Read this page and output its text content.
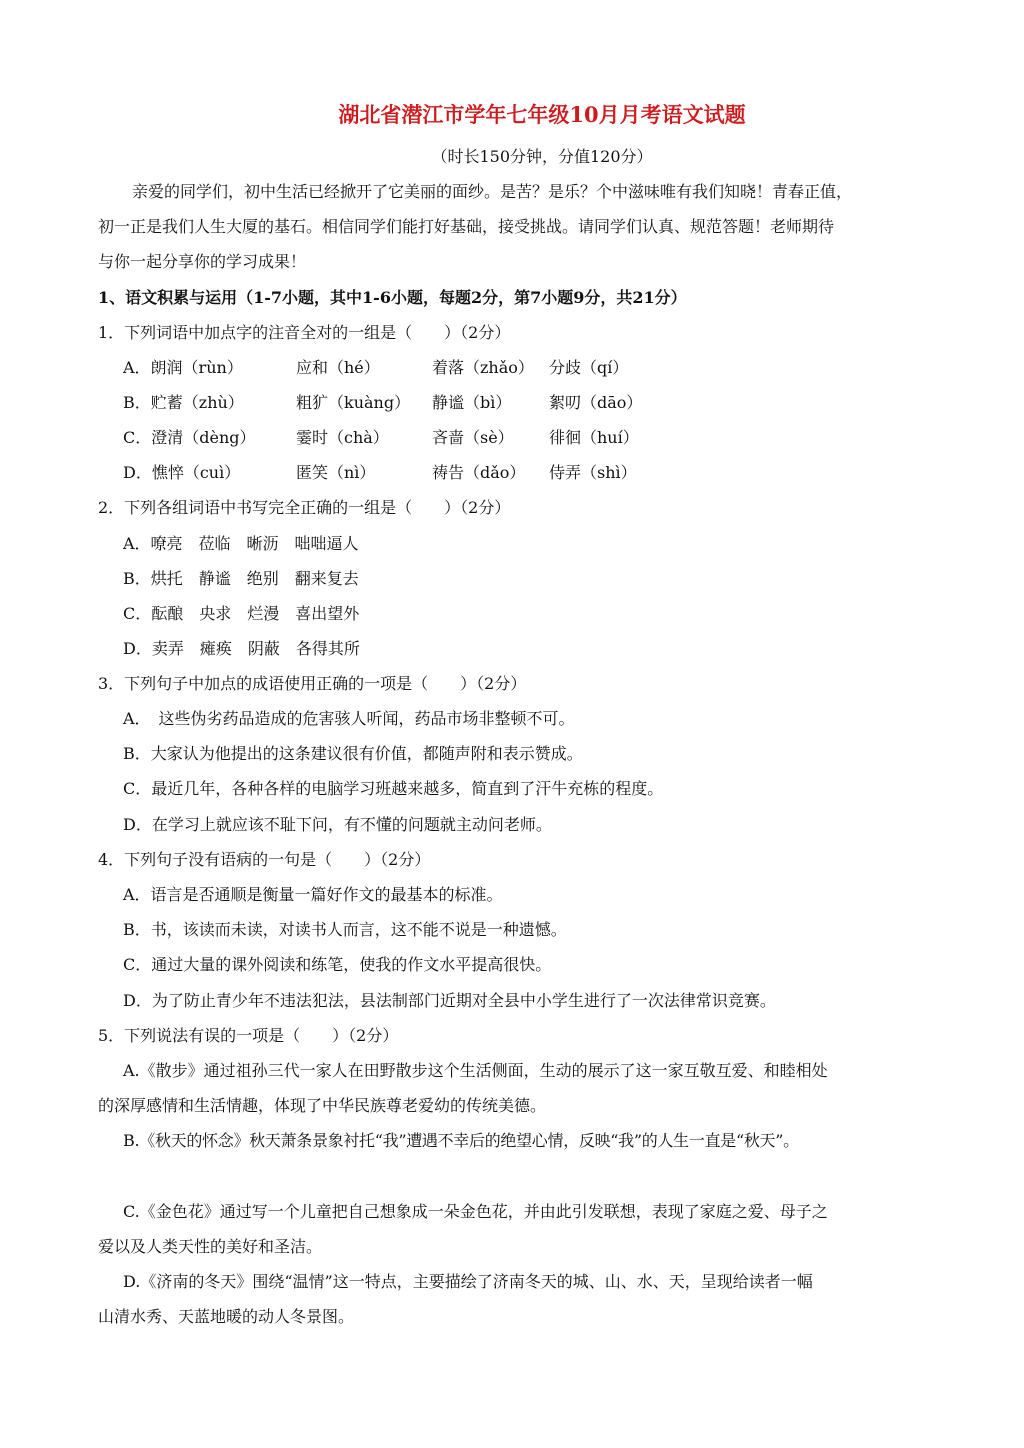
湖北省潜江市学年七年级10月月考语文试题
（时长150分钟，分值120分）
亲爱的同学们，初中生活已经掀开了它美丽的面纱。是苦？是乐？个中滋味唯有我们知晓！青春正值，
初一正是我们人生大厦的基石。相信同学们能打好基础，接受挑战。请同学们认真、规范答题！老师期待
与你一起分享你的学习成果！
1、语文积累与运用（1-7小题，其中1-6小题，每题2分，第7小题9分，共21分）
1．下列词语中加点字的注音全对的一组是（　　）（2分）
A．朗润（rùn）	应和（hé）	着落（zhǎo） 分歧（qí）
B．贮蓄（zhù）	粗犷（kuàng） 静谧（bì） 絮叨（dāo）
C．澄清（dèng）	霎时（chà）	吝啬（sè） 徘徊（huí）
D．憔悴（cuì）	匿笑（nì）	祷告（dǎo） 侍弄（shì）
2．下列各组词语中书写完全正确的一组是（　　）（2分）
A．嘹亮　莅临　晰沥　咄咄逼人
B．烘托　静谧　绝别　翻来复去
C．酝酿　央求　烂漫　喜出望外
D．卖弄　瘫痪　阴蔽　各得其所
3．下列句子中加点的成语使用正确的一项是（　　）（2分）
A．　这些伪劣药品造成的危害骇人听闻，药品市场非整顿不可。
B．大家认为他提出的这条建议很有价值，都随声附和表示赞成。
C．最近几年，各种各样的电脑学习班越来越多，简直到了汗牛充栋的程度。
D．在学习上就应该不耻下问，有不懂的问题就主动问老师。
4．下列句子没有语病的一句是（　　）（2分）
A．语言是否通顺是衡量一篇好作文的最基本的标准。
B．书，该读而未读，对读书人而言，这不能不说是一种遗憾。
C．通过大量的课外阅读和练笔，使我的作文水平提高很快。
D．为了防止青少年不违法犯法，县法制部门近期对全县中小学生进行了一次法律常识竞赛。
5．下列说法有误的一项是（　　）（2分）
A.《散步》通过祖孙三代一家人在田野散步这个生活侧面，生动的展示了这一家互敬互爱、和睦相处
的深厚感情和生活情趣，体现了中华民族尊老爱幼的传统美德。
B.《秋天的怀念》秋天萧条景象衬托“我”遭遇不幸后的绝望心情，反映“我”的人生一直是“秋天”。
C.《金色花》通过写一个儿童把自己想象成一朵金色花，并由此引发联想，表现了家庭之爱、母子之
爱以及人类天性的美好和圣洁。
D.《济南的冬天》围绕“温情”这一特点，主要描绘了济南冬天的城、山、水、天，呈现给读者一幅
山清水秀、天蓝地暖的动人冬景图。
